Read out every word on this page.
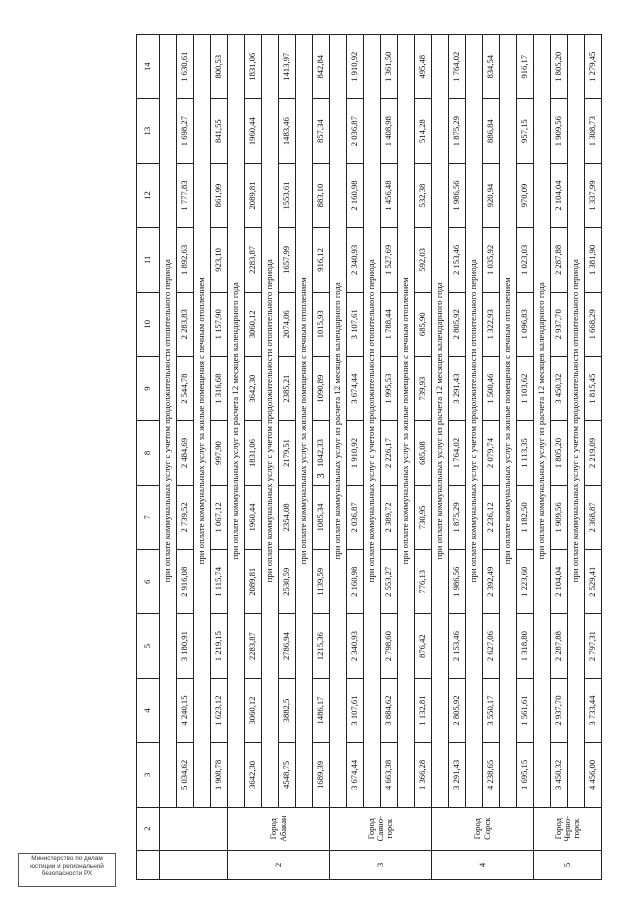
3
	2	3	4	5	6	7	8	9	10	11	12	13	14
		при оплате коммунальных услуг с учетом продолжительности отопительного периода											
		5 034,62	4 240,15	3 180,91	2 916,08	2 739,52	2 484,69	2 544,78	2 283,83	1 892,63	1 777,83	1 698,27	1 630,61
		при оплате коммунальных услуг за жилые помещения с печным отоплением											
		1 908,78	1 623,12	1 219,15	1 115,74	1 067,12	997,90	1 316,68	1 157,90	923,10	861,99	841,55	800,53
2	Город Абакан	при оплате коммунальных услуг из расчета 12 месяцев календарного года											
		3642,30	3060,12	2283,87	2089,81	1960,44	1831,06	3642,30	3060,12	2283,87	2089,81	1960,44	1831,06
		при оплате коммунальных услуг с учетом продолжительности отопительного периода											
		4548,75	3882,5	2786,94	2530,59	2354,08	2179,51	2385,21	2074,06	1657,99	1553,61	1483,46	1413,97
		при оплате коммунальных услуг за жилые помещения с печным отоплением											
		1689,39	1486,17	1215,36	1139,59	1085,34	1042,33	1090,89	1015,93	916,12	883,10	857,34	842,84
3	Город Саяно-горск	при оплате коммунальных услуг из расчета 12 месяцев календарного года											
		3 674,44	3 107,61	2 340,93	2 160,98	2 036,87	1 910,92	3 674,44	3 107,61	2 340,93	2 160,98	2 036,87	1 910,92
		при оплате коммунальных услуг с учетом продолжительности отопительного периода											
		4 663,38	3 884,62	2 798,60	2 553,27	2 389,72	2 226,17	1 995,53	1 788,44	1 527,69	1 456,48	1 408,98	1 361,50
		при оплате коммунальных услуг за жилые помещения с печным отоплением											
		1 366,28	1 132,81	876,42	776,13	730,95	685,08	739,93	685,90	592,03	532,38	514,28	495,48
4	Город Сорск	при оплате коммунальных услуг из расчета 12 месяцев календарного года											
		3 291,43	2 805,92	2 153,46	1 986,56	1 875,29	1 764,02	3 291,43	2 805,92	2 153,46	1 986,56	1 875,29	1 764,02
		при оплате коммунальных услуг с учетом продолжительности отопительного периода											
		4 238,65	3 550,17	2 627,06	2 392,49	2 236,12	2 079,74	1 500,46	1 322,93	1 035,92	920,94	886,84	834,54
		при оплате коммунальных услуг за жилые помещения с печным отоплением											
		1 695,15	1 561,61	1 318,80	1 223,60	1 182,50	1 113,35	1 103,62	1 096,83	1 023,03	970,09	957,15	916,17
5	Город Черно-горск	при оплате коммунальных услуг из расчета 12 месяцев календарного года											
		3 450,32	2 937,70	2 287,88	2 104,04	1 909,56	1 805,20	3 450,32	2 937,70	2 287,88	2 104,04	1 909,56	1 805,20
		при оплате коммунальных услуг с учетом продолжительности отопительного периода											
		4 456,00	3 733,44	2 797,31	2 529,41	2 368,87	2 219,09	1 815,45	1 668,29	1 381,90	1 337,99	1 308,73	1 279,45
Министерство по делам юстиции и региональной безопасности РХ
